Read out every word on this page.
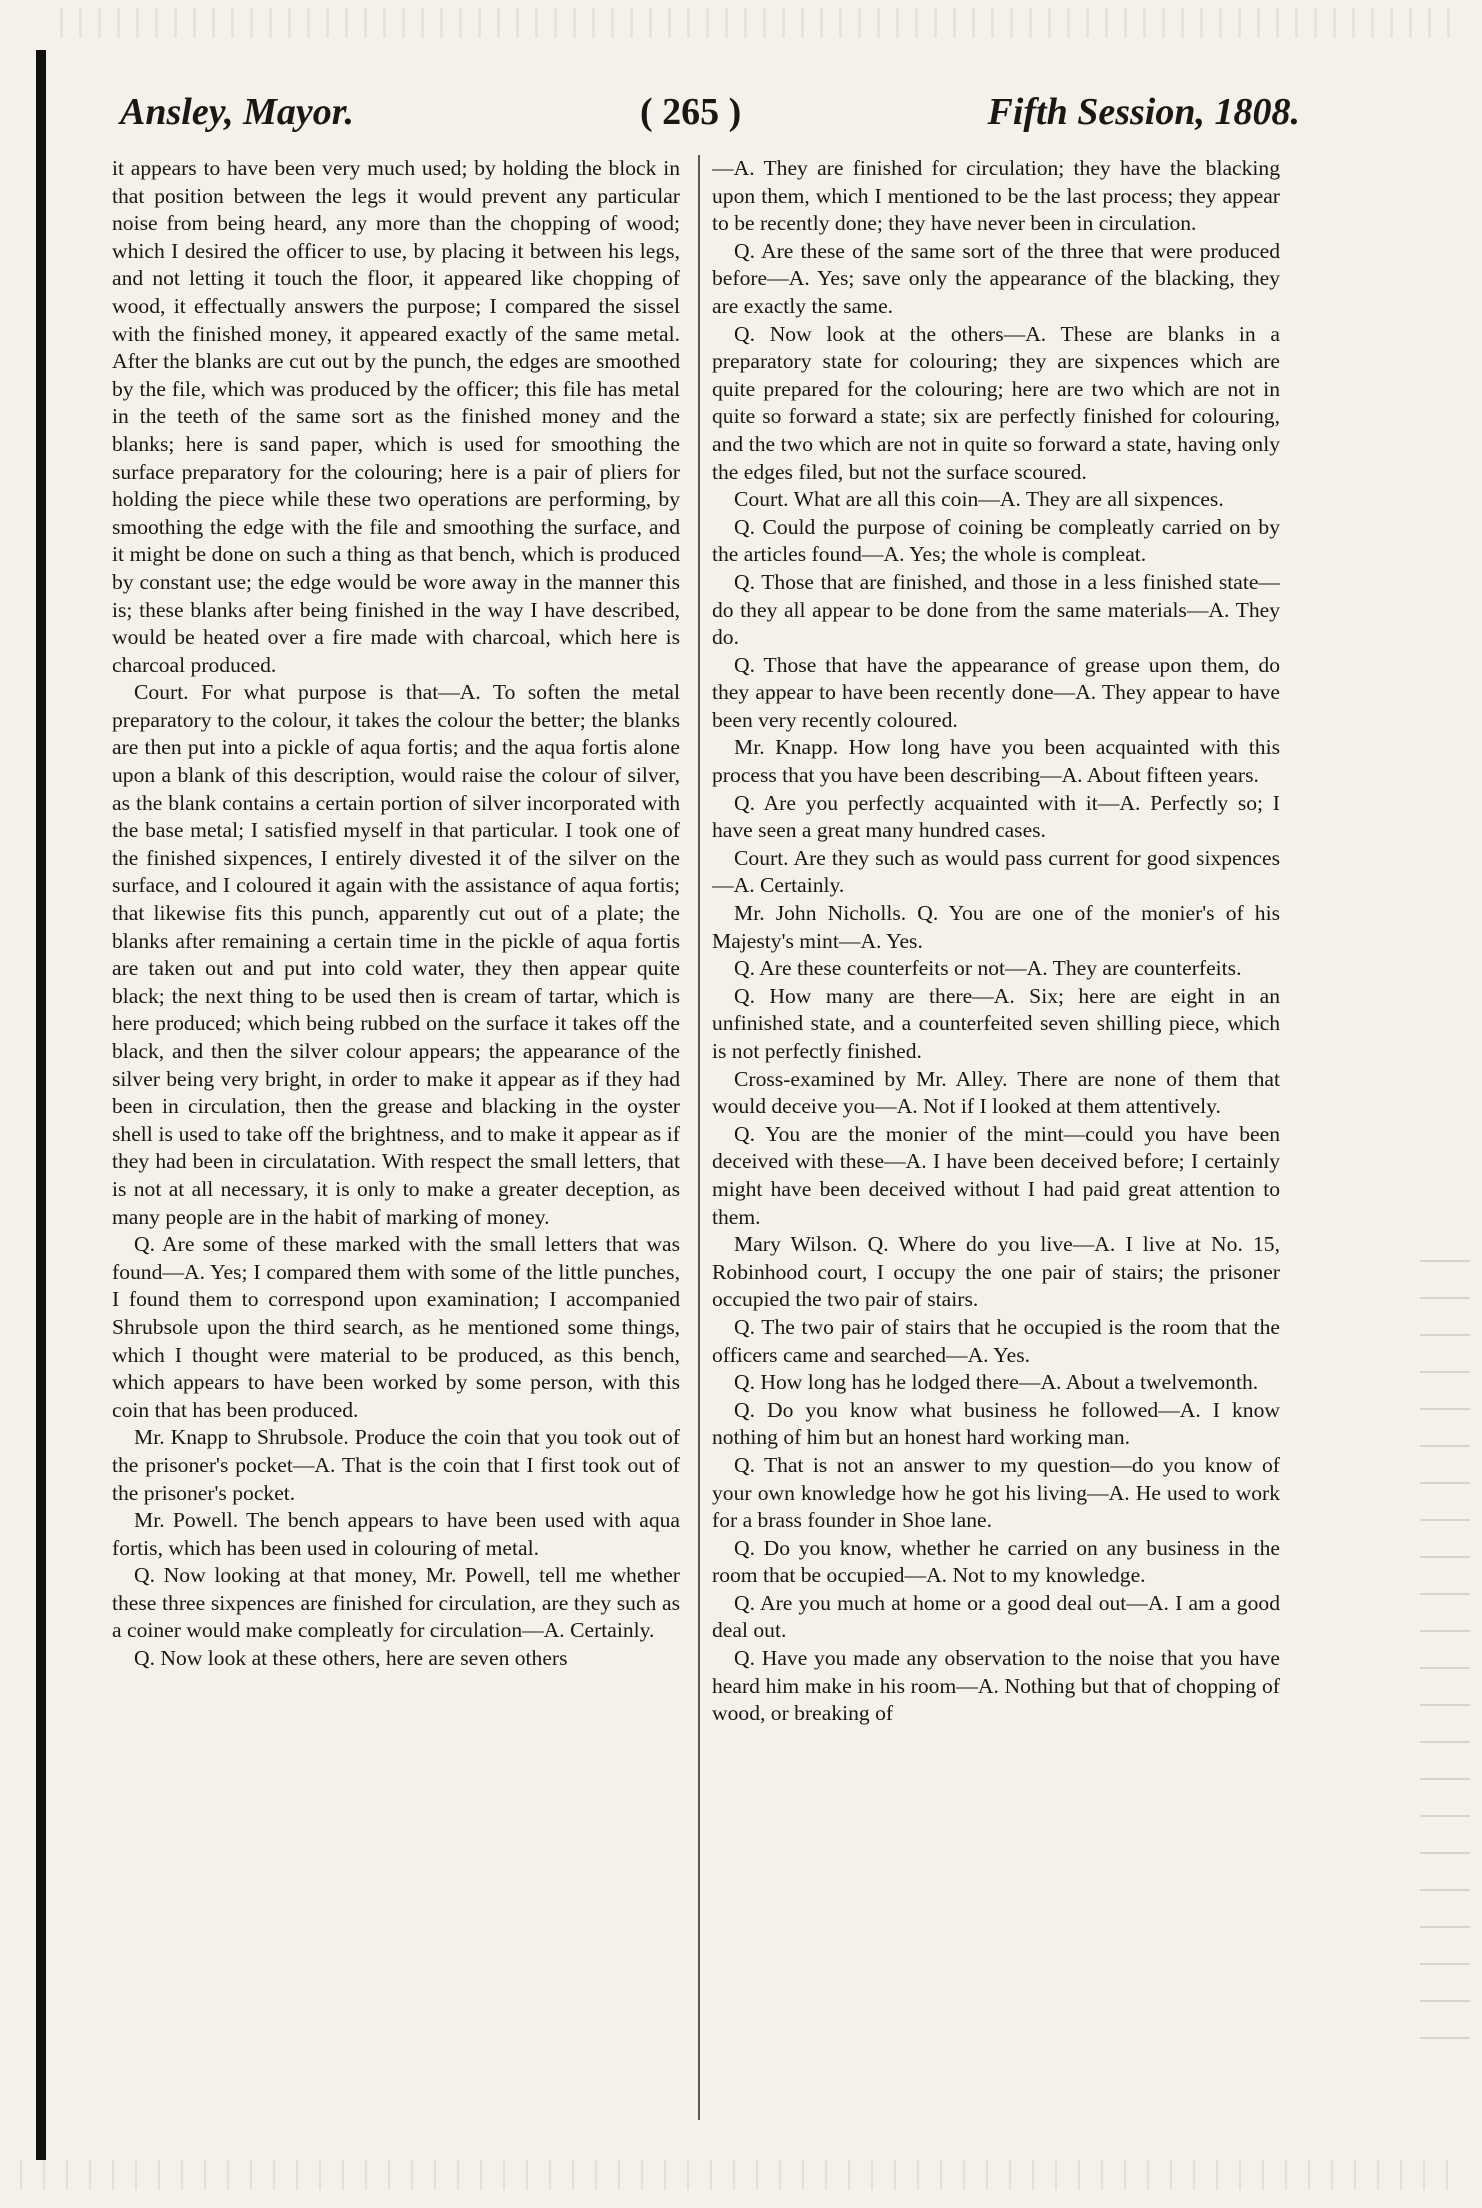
Ansley, Mayor.	( 265 )	Fifth Session, 1808.

it appears to have been very much used; by holding the block in that position between the legs it would prevent any particular noise from being heard, any more than the chopping of wood; which I desired the officer to use, by placing it between his legs, and not letting it touch the floor, it appeared like chopping of wood, it effectually answers the purpose; I compared the sissel with the finished money, it appeared exactly of the same metal. After the blanks are cut out by the punch, the edges are smoothed by the file, which was produced by the officer; this file has metal in the teeth of the same sort as the finished money and the blanks; here is sand paper, which is used for smoothing the surface preparatory for the colouring; here is a pair of pliers for holding the piece while these two operations are performing, by smoothing the edge with the file and smoothing the surface, and it might be done on such a thing as that bench, which is produced by constant use; the edge would be wore away in the manner this is; these blanks after being finished in the way I have described, would be heated over a fire made with charcoal, which here is charcoal produced.

Court. For what purpose is that—A. To soften the metal preparatory to the colour, it takes the colour the better; the blanks are then put into a pickle of aqua fortis; and the aqua fortis alone upon a blank of this description, would raise the colour of silver, as the blank contains a certain portion of silver incorporated with the base metal; I satisfied myself in that particular. I took one of the finished sixpences, I entirely divested it of the silver on the surface, and I coloured it again with the assistance of aqua fortis; that likewise fits this punch, apparently cut out of a plate; the blanks after remaining a certain time in the pickle of aqua fortis are taken out and put into cold water, they then appear quite black; the next thing to be used then is cream of tartar, which is here produced; which being rubbed on the surface it takes off the black, and then the silver colour appears; the appearance of the silver being very bright, in order to make it appear as if they had been in circulation, then the grease and blacking in the oyster shell is used to take off the brightness, and to make it appear as if they had been in circulatation. With respect the small letters, that is not at all necessary, it is only to make a greater deception, as many people are in the habit of marking of money.

Q. Are some of these marked with the small letters that was found—A. Yes; I compared them with some of the little punches, I found them to correspond upon examination; I accompanied Shrubsole upon the third search, as he mentioned some things, which I thought were material to be produced, as this bench, which appears to have been worked by some person, with this coin that has been produced.

Mr. Knapp to Shrubsole. Produce the coin that you took out of the prisoner's pocket—A. That is the coin that I first took out of the prisoner's pocket.

Mr. Powell. The bench appears to have been used with aqua fortis, which has been used in colouring of metal.

Q. Now looking at that money, Mr. Powell, tell me whether these three sixpences are finished for circulation, are they such as a coiner would make compleatly for circulation—A. Certainly.

Q. Now look at these others, here are seven others

—A. They are finished for circulation; they have the blacking upon them, which I mentioned to be the last process; they appear to be recently done; they have never been in circulation.

Q. Are these of the same sort of the three that were produced before—A. Yes; save only the appearance of the blacking, they are exactly the same.

Q. Now look at the others—A. These are blanks in a preparatory state for colouring; they are sixpences which are quite prepared for the colouring; here are two which are not in quite so forward a state; six are perfectly finished for colouring, and the two which are not in quite so forward a state, having only the edges filed, but not the surface scoured.

Court. What are all this coin—A. They are all sixpences.

Q. Could the purpose of coining be compleatly carried on by the articles found—A. Yes; the whole is compleat.

Q. Those that are finished, and those in a less finished state—do they all appear to be done from the same materials—A. They do.

Q. Those that have the appearance of grease upon them, do they appear to have been recently done—A. They appear to have been very recently coloured.

Mr. Knapp. How long have you been acquainted with this process that you have been describing—A. About fifteen years.

Q. Are you perfectly acquainted with it—A. Perfectly so; I have seen a great many hundred cases.

Court. Are they such as would pass current for good sixpences—A. Certainly.

Mr. John Nicholls. Q. You are one of the monier's of his Majesty's mint—A. Yes.

Q. Are these counterfeits or not—A. They are counterfeits.

Q. How many are there—A. Six; here are eight in an unfinished state, and a counterfeited seven shilling piece, which is not perfectly finished.

Cross-examined by Mr. Alley. There are none of them that would deceive you—A. Not if I looked at them attentively.

Q. You are the monier of the mint—could you have been deceived with these—A. I have been deceived before; I certainly might have been deceived without I had paid great attention to them.

Mary Wilson. Q. Where do you live—A. I live at No. 15, Robinhood court, I occupy the one pair of stairs; the prisoner occupied the two pair of stairs.

Q. The two pair of stairs that he occupied is the room that the officers came and searched—A. Yes.

Q. How long has he lodged there—A. About a twelvemonth.

Q. Do you know what business he followed—A. I know nothing of him but an honest hard working man.

Q. That is not an answer to my question—do you know of your own knowledge how he got his living—A. He used to work for a brass founder in Shoe lane.

Q. Do you know, whether he carried on any business in the room that be occupied—A. Not to my knowledge.

Q. Are you much at home or a good deal out—A. I am a good deal out.

Q. Have you made any observation to the noise that you have heard him make in his room—A. Nothing but that of chopping of wood, or breaking of
